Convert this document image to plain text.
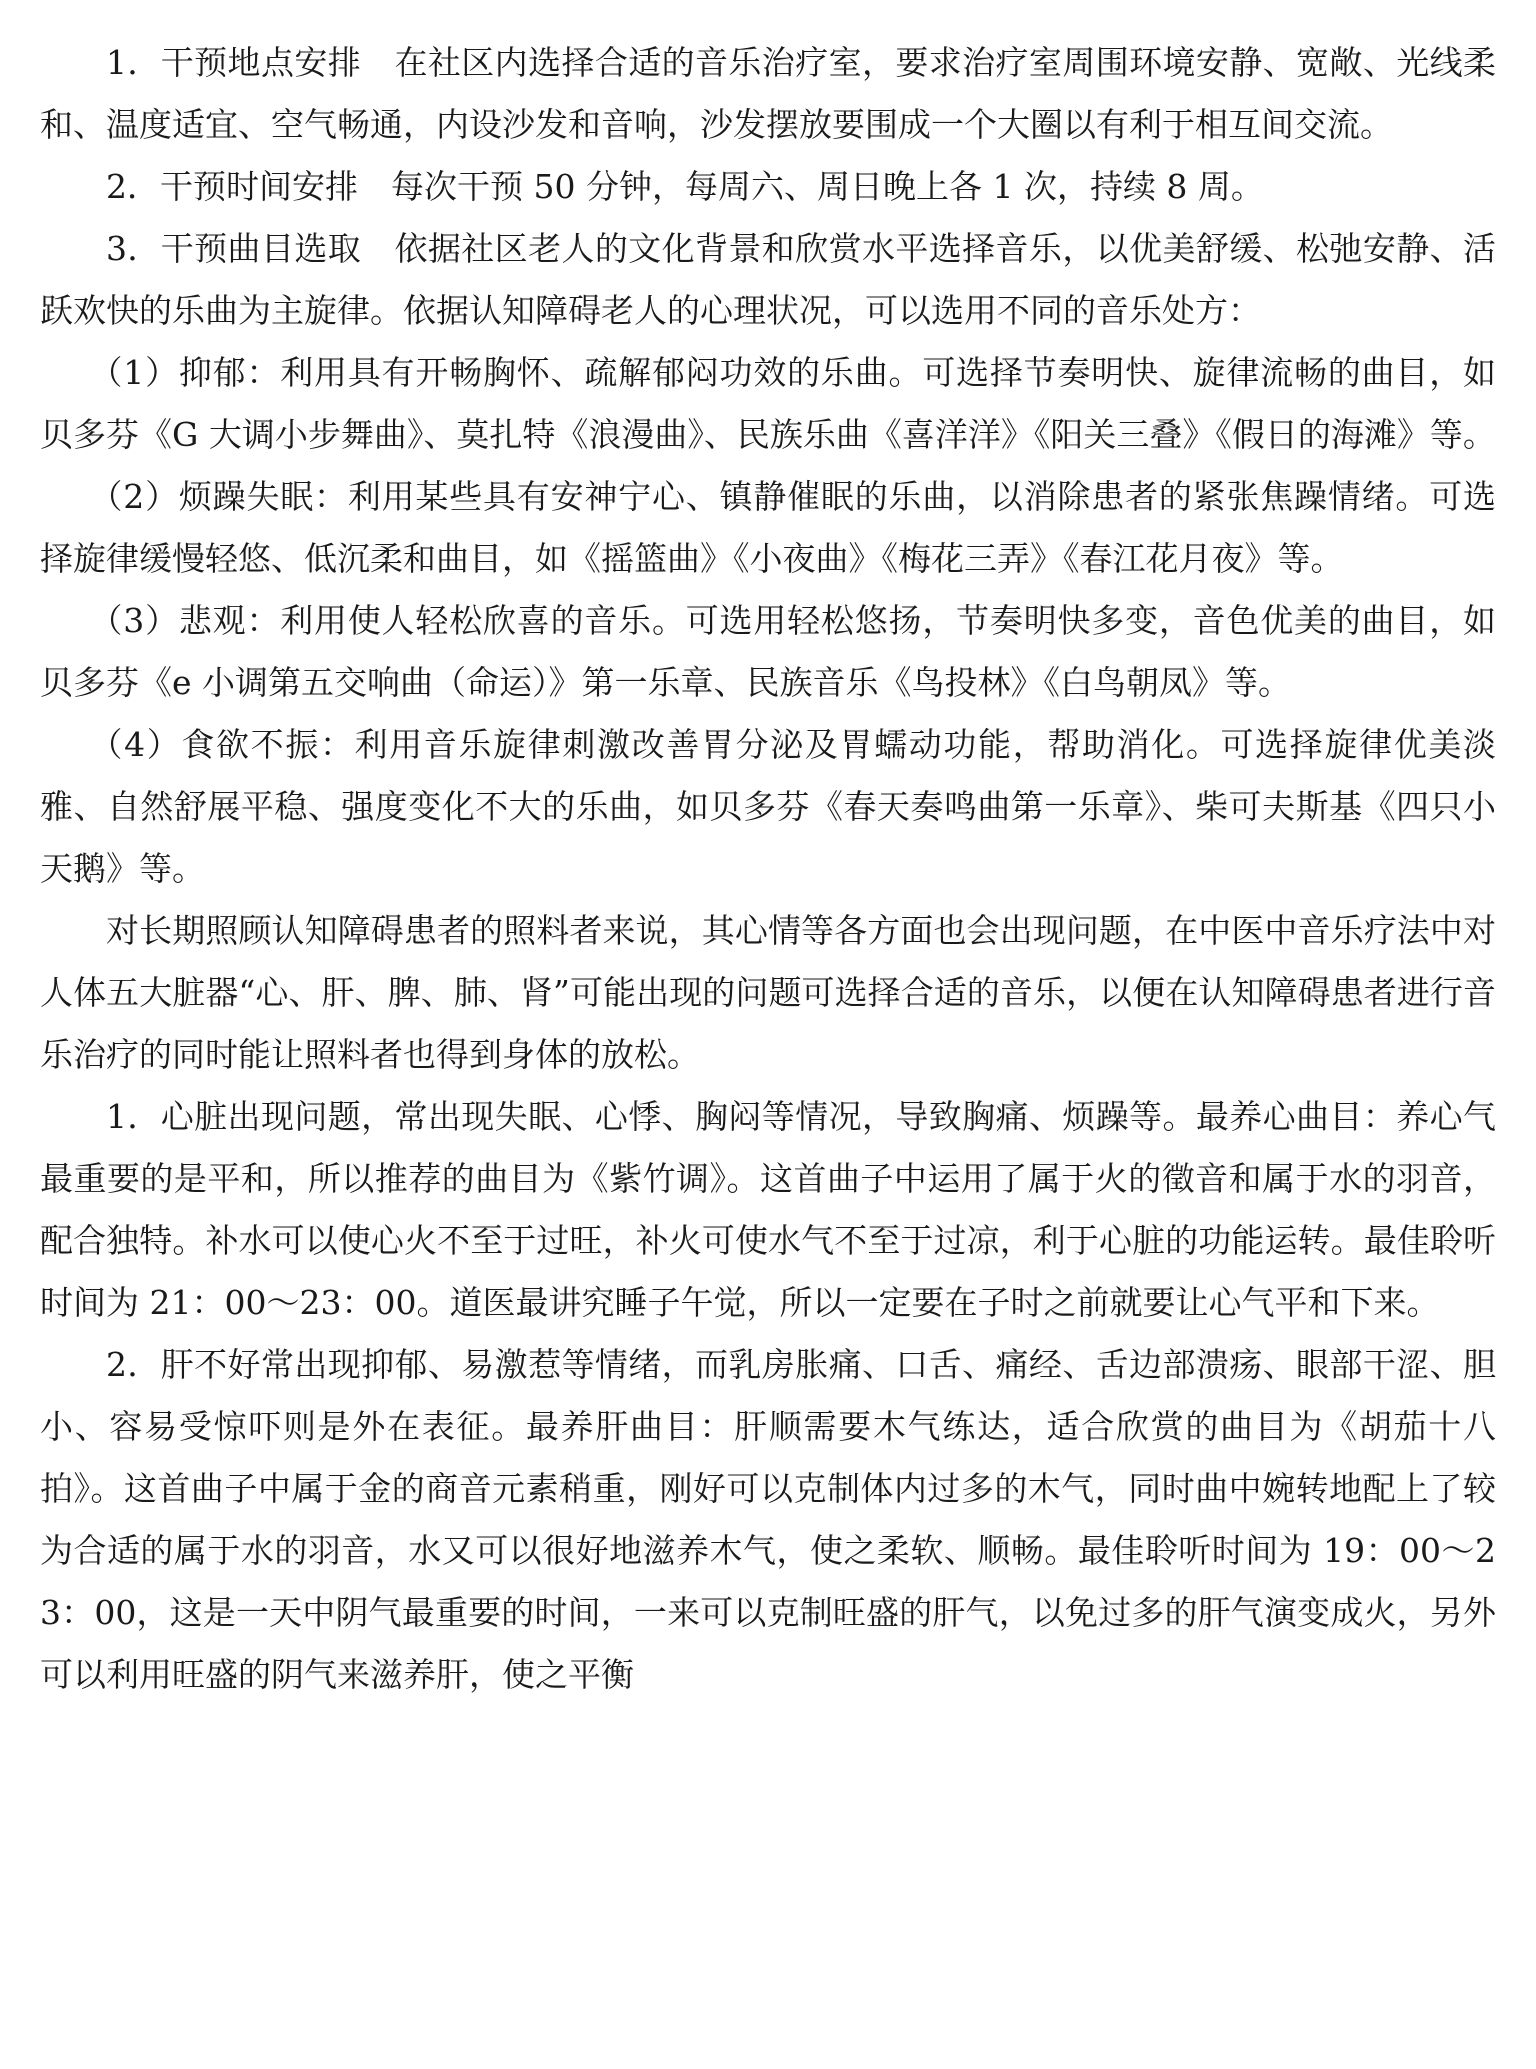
1．干预地点安排　在社区内选择合适的音乐治疗室，要求治疗室周围环境安静、宽敞、光线柔和、温度适宜、空气畅通，内设沙发和音响，沙发摆放要围成一个大圈以有利于相互间交流。

2．干预时间安排　每次干预 50 分钟，每周六、周日晚上各 1 次，持续 8 周。

3．干预曲目选取　依据社区老人的文化背景和欣赏水平选择音乐，以优美舒缓、松弛安静、活跃欢快的乐曲为主旋律。依据认知障碍老人的心理状况，可以选用不同的音乐处方：

（1）抑郁：利用具有开畅胸怀、疏解郁闷功效的乐曲。可选择节奏明快、旋律流畅的曲目，如贝多芬《G 大调小步舞曲》、莫扎特《浪漫曲》、民族乐曲《喜洋洋》《阳关三叠》《假日的海滩》等。

（2）烦躁失眠：利用某些具有安神宁心、镇静催眠的乐曲，以消除患者的紧张焦躁情绪。可选择旋律缓慢轻悠、低沉柔和曲目，如《摇篮曲》《小夜曲》《梅花三弄》《春江花月夜》等。

（3）悲观：利用使人轻松欣喜的音乐。可选用轻松悠扬，节奏明快多变，音色优美的曲目，如贝多芬《e 小调第五交响曲（命运）》第一乐章、民族音乐《鸟投林》《白鸟朝凤》等。

（4）食欲不振：利用音乐旋律刺激改善胃分泌及胃蠕动功能，帮助消化。可选择旋律优美淡雅、自然舒展平稳、强度变化不大的乐曲，如贝多芬《春天奏鸣曲第一乐章》、柴可夫斯基《四只小天鹅》等。

对长期照顾认知障碍患者的照料者来说，其心情等各方面也会出现问题，在中医中音乐疗法中对人体五大脏器“心、肝、脾、肺、肾”可能出现的问题可选择合适的音乐，以便在认知障碍患者进行音乐治疗的同时能让照料者也得到身体的放松。

1．心脏出现问题，常出现失眠、心悸、胸闷等情况，导致胸痛、烦躁等。最养心曲目：养心气最重要的是平和，所以推荐的曲目为《紫竹调》。这首曲子中运用了属于火的徵音和属于水的羽音，配合独特。补水可以使心火不至于过旺，补火可使水气不至于过凉，利于心脏的功能运转。最佳聆听时间为 21：00～23：00。道医最讲究睡子午觉，所以一定要在子时之前就要让心气平和下来。

2．肝不好常出现抑郁、易激惹等情绪，而乳房胀痛、口舌、痛经、舌边部溃疡、眼部干涩、胆小、容易受惊吓则是外在表征。最养肝曲目：肝顺需要木气练达，适合欣赏的曲目为《胡茄十八拍》。这首曲子中属于金的商音元素稍重，刚好可以克制体内过多的木气，同时曲中婉转地配上了较为合适的属于水的羽音，水又可以很好地滋养木气，使之柔软、顺畅。最佳聆听时间为 19：00～23：00，这是一天中阴气最重要的时间，一来可以克制旺盛的肝气，以免过多的肝气演变成火，另外可以利用旺盛的阴气来滋养肝，使之平衡
